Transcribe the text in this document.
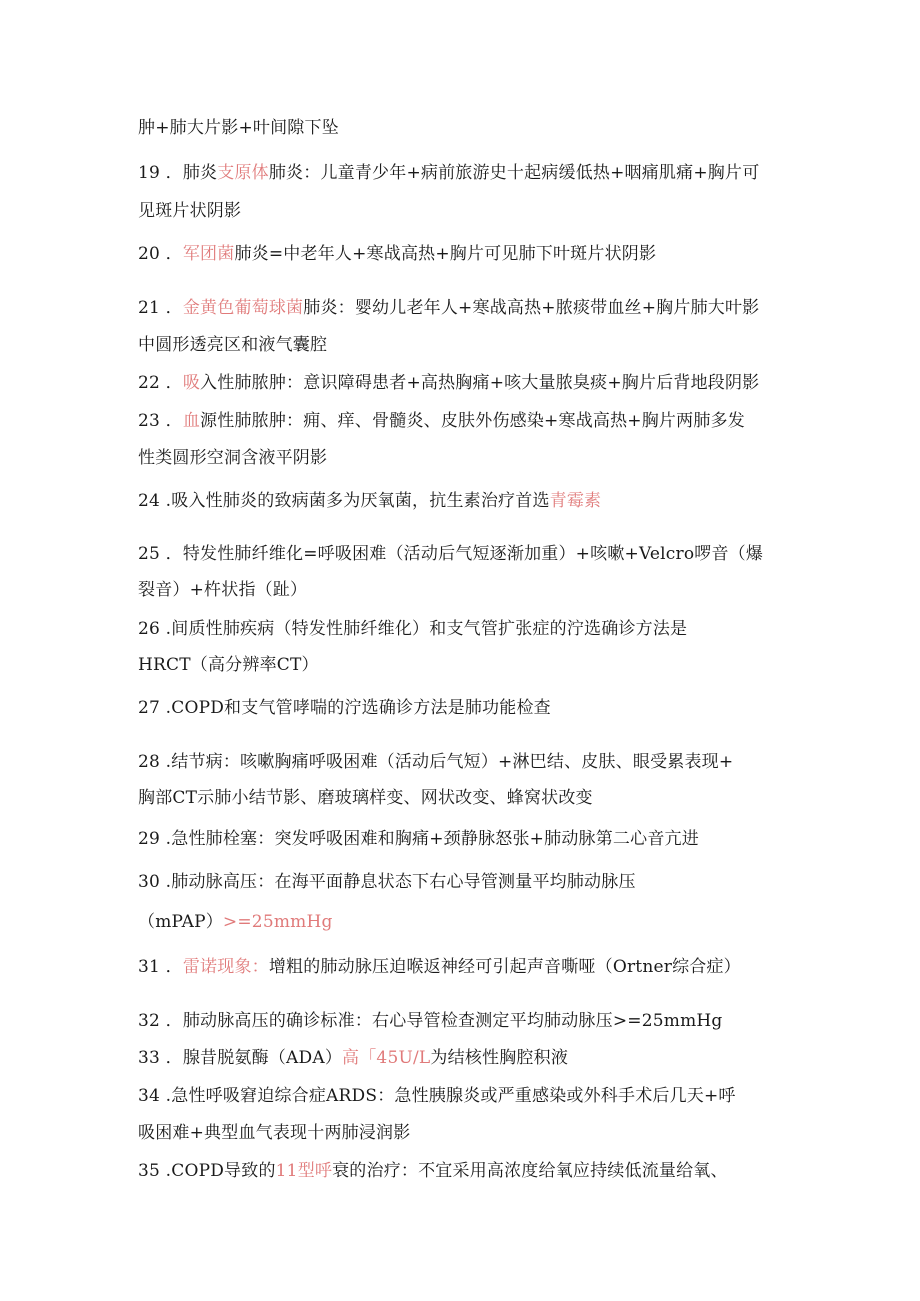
肿+肺大片影+叶间隙下坠
19 ．肺炎支原体肺炎：儿童青少年+病前旅游史十起病缓低热+咽痛肌痛+胸片可
见斑片状阴影
20 ．军团菌肺炎=中老年人+寒战高热+胸片可见肺下叶斑片状阴影
21 ．金黄色葡萄球菌肺炎：婴幼儿老年人+寒战高热+脓痰带血丝+胸片肺大叶影
中圆形透亮区和液气囊腔
22 ．吸入性肺脓肿：意识障碍患者+高热胸痛+咳大量脓臭痰+胸片后背地段阴影
23 ．血源性肺脓肿：痈、痒、骨髓炎、皮肤外伤感染+寒战高热+胸片两肺多发
性类圆形空洞含液平阴影
24 .吸入性肺炎的致病菌多为厌氧菌，抗生素治疗首选青霉素
25 ．特发性肺纤维化=呼吸困难（活动后气短逐渐加重）+咳嗽+Velcro啰音（爆
裂音）+杵状指（趾）
26 .间质性肺疾病（特发性肺纤维化）和支气管扩张症的泞选确诊方法是
HRCT（高分辨率CT）
27 .COPD和支气管哮喘的泞选确诊方法是肺功能检查
28 .结节病：咳嗽胸痛呼吸困难（活动后气短）+淋巴结、皮肤、眼受累表现+
胸部CT示肺小结节影、磨玻璃样变、网状改变、蜂窝状改变
29 .急性肺栓塞：突发呼吸困难和胸痛+颈静脉怒张+肺动脉第二心音亢进
30 .肺动脉高压：在海平面静息状态下右心导管测量平均肺动脉压
（mPAP）>=25mmHg
31 ．雷诺现象：增粗的肺动脉压迫喉返神经可引起声音嘶哑（Ortner综合症）
32 ．肺动脉高压的确诊标准：右心导管检查测定平均肺动脉压>=25mmHg
33 ．腺昔脱氨酶（ADA）高「45U/L为结核性胸腔积液
34 .急性呼吸窘迫综合症ARDS：急性胰腺炎或严重感染或外科手术后几天+呼
吸困难+典型血气表现十两肺浸润影
35 .COPD导致的11型呼衰的治疗：不宜采用高浓度给氧应持续低流量给氧、
